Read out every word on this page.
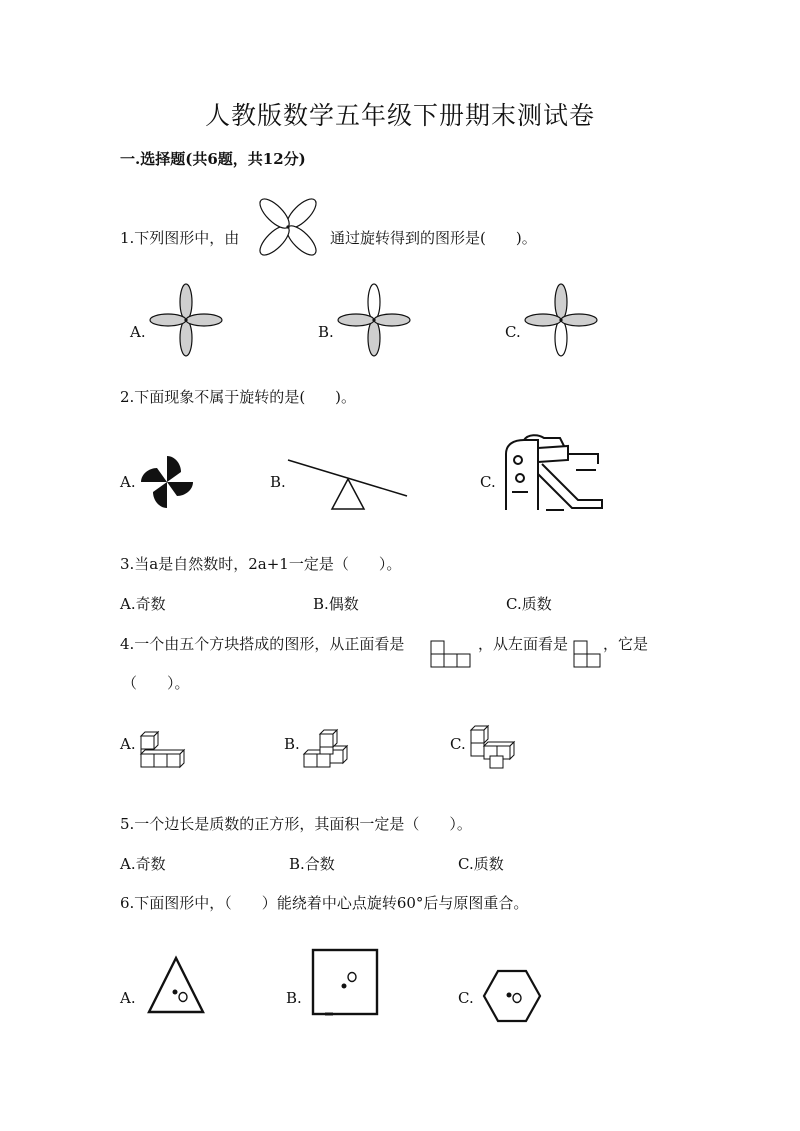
人教版数学五年级下册期末测试卷
一.选择题(共6题，共12分)
1.下列图形中，由	通过旋转得到的图形是(　　)。
A.	B.	C.
2.下面现象不属于旋转的是(　　)。
A.	B.	C.
3.当a是自然数时，2a+1一定是（　　）。
A.奇数	B.偶数	C.质数
4.一个由五个方块搭成的图形，从正面看是	，从左面看是 ，它是
（　　）。
A.	B.	C.
5.一个边长是质数的正方形，其面积一定是（　　）。
A.奇数	B.合数	C.质数
6.下面图形中，（　　）能绕着中心点旋转60°后与原图重合。
A.	B.	C.
